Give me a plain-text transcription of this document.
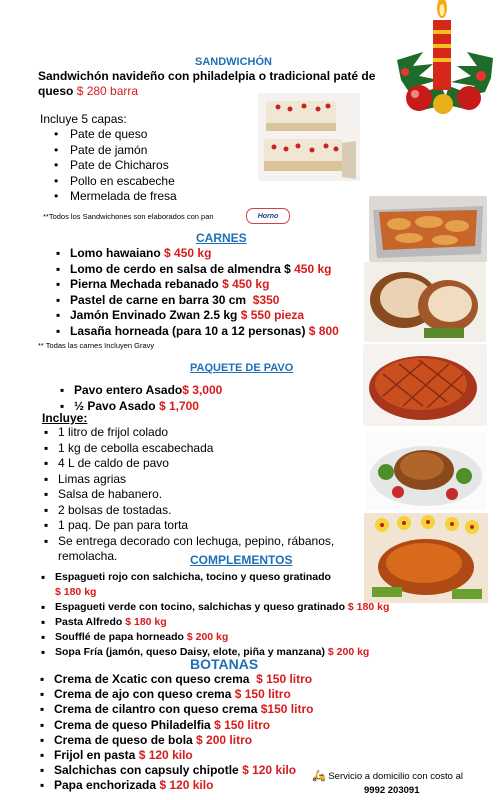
SANDWICHÓN
Sandwichón navideño con philadelpia o tradicional paté de
queso $ 280 barra
Incluye 5 capas:
• Pate de queso
• Pate de jamón
• Pate de Chicharos
• Pollo en escabeche
• Mermelada de fresa
**Todos los Sandwichones son elaborados con pan	Horno
CARNES
▪ Lomo hawaiano $ 450 kg
▪ Lomo de cerdo en salsa de almendra $ 450 kg
▪ Pierna Mechada rebanado $ 450 kg
▪ Pastel de carne en barra 30 cm $350
▪ Jamón Envinado Zwan 2.5 kg $ 550 pieza
▪ Lasaña horneada (para 10 a 12 personas) $ 800
** Todas las carnes Incluyen Gravy
PAQUETE DE PAVO
▪ Pavo entero Asado$ 3,000
▪ ½ Pavo Asado $ 1,700
Incluye:
▪ 1 litro de frijol colado
▪ 1 kg de cebolla escabechada
▪ 4 L de caldo de pavo
▪ Limas agrias
▪ Salsa de habanero.
▪ 2 bolsas de tostadas.
▪ 1 paq. De pan para torta
▪ Se entrega decorado con lechuga, pepino, rábanos,
remolacha.	COMPLEMENTOS
▪ Espagueti rojo con salchicha, tocino y queso gratinado
$ 180 kg
▪ Espagueti verde con tocino, salchichas y queso gratinado $ 180 kg
▪ Pasta Alfredo $ 180 kg
▪ Soufflé de papa horneado $ 200 kg
▪ Sopa Fría (jamón, queso Daisy, elote, piña y manzana) $ 200 kg
BOTANAS
▪ Crema de Xcatic con queso crema $ 150 litro
▪ Crema de ajo con queso crema $ 150 litro
▪ Crema de cilantro con queso crema $150 litro
▪ Crema de queso Philadelfia $ 150 litro
▪ Crema de queso de bola $ 200 litro
▪ Frijol en pasta $ 120 kilo
▪ Salchichas con capsuly chipotle $ 120 kilo
▪ Papa enchorizada $ 120 kilo
🛵 Servicio a domicilio con costo al
9992 203091
